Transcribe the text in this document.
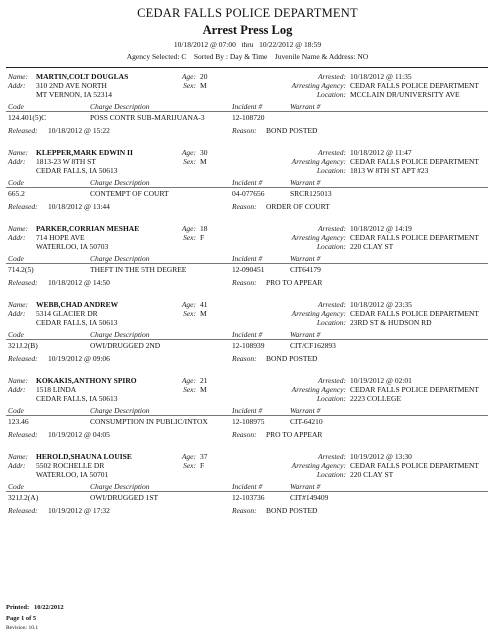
CEDAR FALLS POLICE DEPARTMENT
Arrest Press Log
10/18/2012 @ 07:00 thru 10/22/2012 @ 18:59
Agency Selected: C Sorted By : Day & Time Juvenile Name & Address: NO
Name:	MARTIN,COLT DOUGLAS	Age: 20	Arrested: 10/18/2012 @ 11:35
Addr:	310 2ND AVE NORTH	Sex: M	Arresting Agency: CEDAR FALLS POLICE DEPARTMENT
MT VERNON, IA 52314	Location: MCCLAIN DR/UNIVERSITY AVE
Code	Charge Description	Incident #	Warrant #
124.401(5)C	POSS CONTR SUB-MARIJUANA-3	12-108720
Released: 10/18/2012 @ 15:22	Reason: BOND POSTED
Name:	KLEPPER,MARK EDWIN II	Age: 30	Arrested: 10/18/2012 @ 11:47
Addr:	1813-23 W 8TH ST	Sex: M	Arresting Agency: CEDAR FALLS POLICE DEPARTMENT
CEDAR FALLS, IA 50613	Location: 1813 W 8TH ST APT #23
Code	Charge Description	Incident #	Warrant #
665.2	CONTEMPT OF COURT	04-077656	SRCR125013
Released: 10/18/2012 @ 13:44	Reason: ORDER OF COURT
Name:	PARKER,CORRIAN MESHAE	Age: 18	Arrested: 10/18/2012 @ 14:19
Addr:	714 HOPE AVE	Sex: F	Arresting Agency: CEDAR FALLS POLICE DEPARTMENT
WATERLOO, IA 50703	Location: 220 CLAY ST
Code	Charge Description	Incident #	Warrant #
714.2(5)	THEFT IN THE 5TH DEGREE	12-090451	CIT64179
Released: 10/18/2012 @ 14:50	Reason: PRO TO APPEAR
Name:	WEBB,CHAD ANDREW	Age: 41	Arrested: 10/18/2012 @ 23:35
Addr:	5314 GLACIER DR	Sex: M	Arresting Agency: CEDAR FALLS POLICE DEPARTMENT
CEDAR FALLS, IA 50613	Location: 23RD ST & HUDSON RD
Code	Charge Description	Incident #	Warrant #
321J.2(B)	OWI/DRUGGED 2ND	12-108939	CIT/CF162893
Released: 10/19/2012 @ 09:06	Reason: BOND POSTED
Name:	KOKAKIS,ANTHONY SPIRO	Age: 21	Arrested: 10/19/2012 @ 02:01
Addr:	1518 LINDA	Sex: M	Arresting Agency: CEDAR FALLS POLICE DEPARTMENT
CEDAR FALLS, IA 50613	Location: 2223 COLLEGE
Code	Charge Description	Incident #	Warrant #
123.46	CONSUMPTION IN PUBLIC/INTOX	12-108975	CIT-64210
Released: 10/19/2012 @ 04:05	Reason: PRO TO APPEAR
Name:	HEROLD,SHAUNA LOUISE	Age: 37	Arrested: 10/19/2012 @ 13:30
Addr:	5502 ROCHELLE DR	Sex: F	Arresting Agency: CEDAR FALLS POLICE DEPARTMENT
WATERLOO, IA 50701	Location: 220 CLAY ST
Code	Charge Description	Incident #	Warrant #
321J.2(A)	OWI/DRUGGED 1ST	12-103736	CIT#149409
Released: 10/19/2012 @ 17:32	Reason: BOND POSTED
Printed: 10/22/2012
Page 1 of 5
Revision: 10.1
